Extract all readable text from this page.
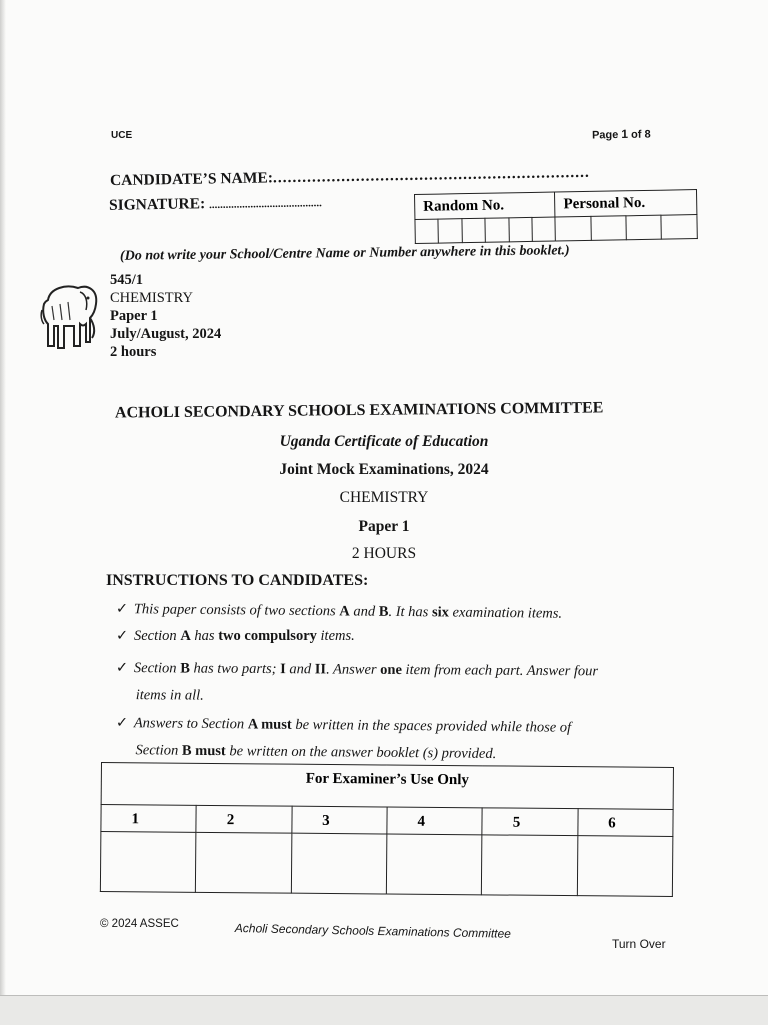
UCE	Page 1 of 8
CANDIDATE’S NAME:.................................................................
SIGNATURE: .........................................	Random No.						Personal No.			

(Do not write your School/Centre Name or Number anywhere in this booklet.)
545/1
CHEMISTRY
Paper 1
July/August, 2024
2 hours
ACHOLI SECONDARY SCHOOLS EXAMINATIONS COMMITTEE
Uganda Certificate of Education
Joint Mock Examinations, 2024
CHEMISTRY
Paper 1
2 HOURS
INSTRUCTIONS TO CANDIDATES:
✓ This paper consists of two sections A and B. It has six examination items.
✓ Section A has two compulsory items.
✓ Section B has two parts; I and II. Answer one item from each part. Answer four
items in all.
✓ Answers to Section A must be written in the spaces provided while those of
Section B must be written on the answer booklet (s) provided.
For Examiner’s Use Only					
1	2	3	4	5	6

© 2024 ASSEC	Acholi Secondary Schools Examinations Committee
Turn Over
